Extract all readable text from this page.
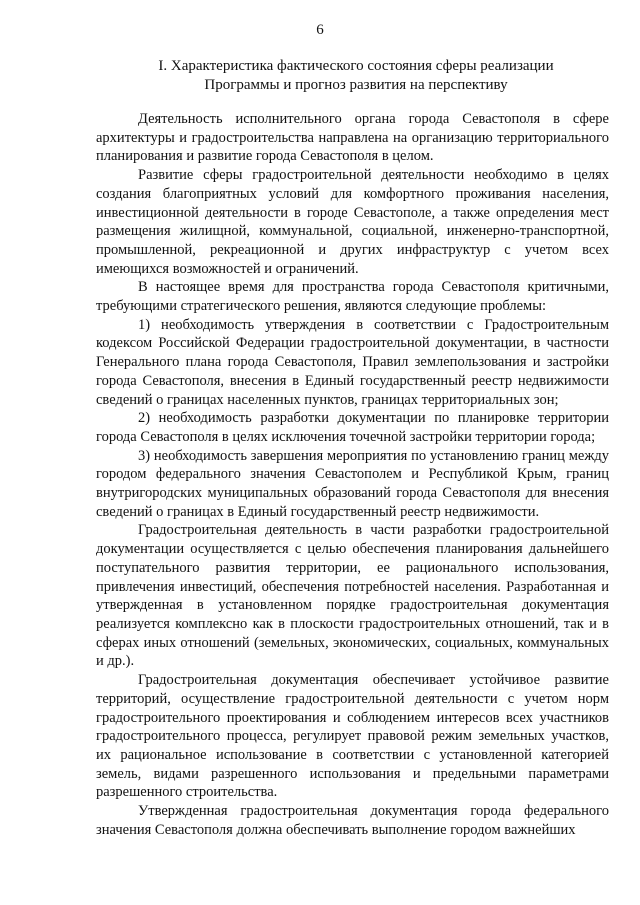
6
I. Характеристика фактического состояния сферы реализации
Программы и прогноз развития на перспективу

Деятельность исполнительного органа города Севастополя в сфере архитектуры и градостроительства направлена на организацию территориального планирования и развитие города Севастополя в целом.

Развитие сферы градостроительной деятельности необходимо в целях создания благоприятных условий для комфортного проживания населения, инвестиционной деятельности в городе Севастополе, а также определения мест размещения жилищной, коммунальной, социальной, инженерно-транспортной, промышленной, рекреационной и других инфраструктур с учетом всех имеющихся возможностей и ограничений.

В настоящее время для пространства города Севастополя критичными, требующими стратегического решения, являются следующие проблемы:

1) необходимость утверждения в соответствии с Градостроительным кодексом Российской Федерации градостроительной документации, в частности Генерального плана города Севастополя, Правил землепользования и застройки города Севастополя, внесения в Единый государственный реестр недвижимости сведений о границах населенных пунктов, границах территориальных зон;

2) необходимость разработки документации по планировке территории города Севастополя в целях исключения точечной застройки территории города;

3) необходимость завершения мероприятия по установлению границ между городом федерального значения Севастополем и Республикой Крым, границ внутригородских муниципальных образований города Севастополя для внесения сведений о границах в Единый государственный реестр недвижимости.

Градостроительная деятельность в части разработки градостроительной документации осуществляется с целью обеспечения планирования дальнейшего поступательного развития территории, ее рационального использования, привлечения инвестиций, обеспечения потребностей населения. Разработанная и утвержденная в установленном порядке градостроительная документация реализуется комплексно как в плоскости градостроительных отношений, так и в сферах иных отношений (земельных, экономических, социальных, коммунальных и др.).

Градостроительная документация обеспечивает устойчивое развитие территорий, осуществление градостроительной деятельности с учетом норм градостроительного проектирования и соблюдением интересов всех участников градостроительного процесса, регулирует правовой режим земельных участков, их рациональное использование в соответствии с установленной категорией земель, видами разрешенного использования и предельными параметрами разрешенного строительства.

Утвержденная градостроительная документация города федерального значения Севастополя должна обеспечивать выполнение городом важнейших
